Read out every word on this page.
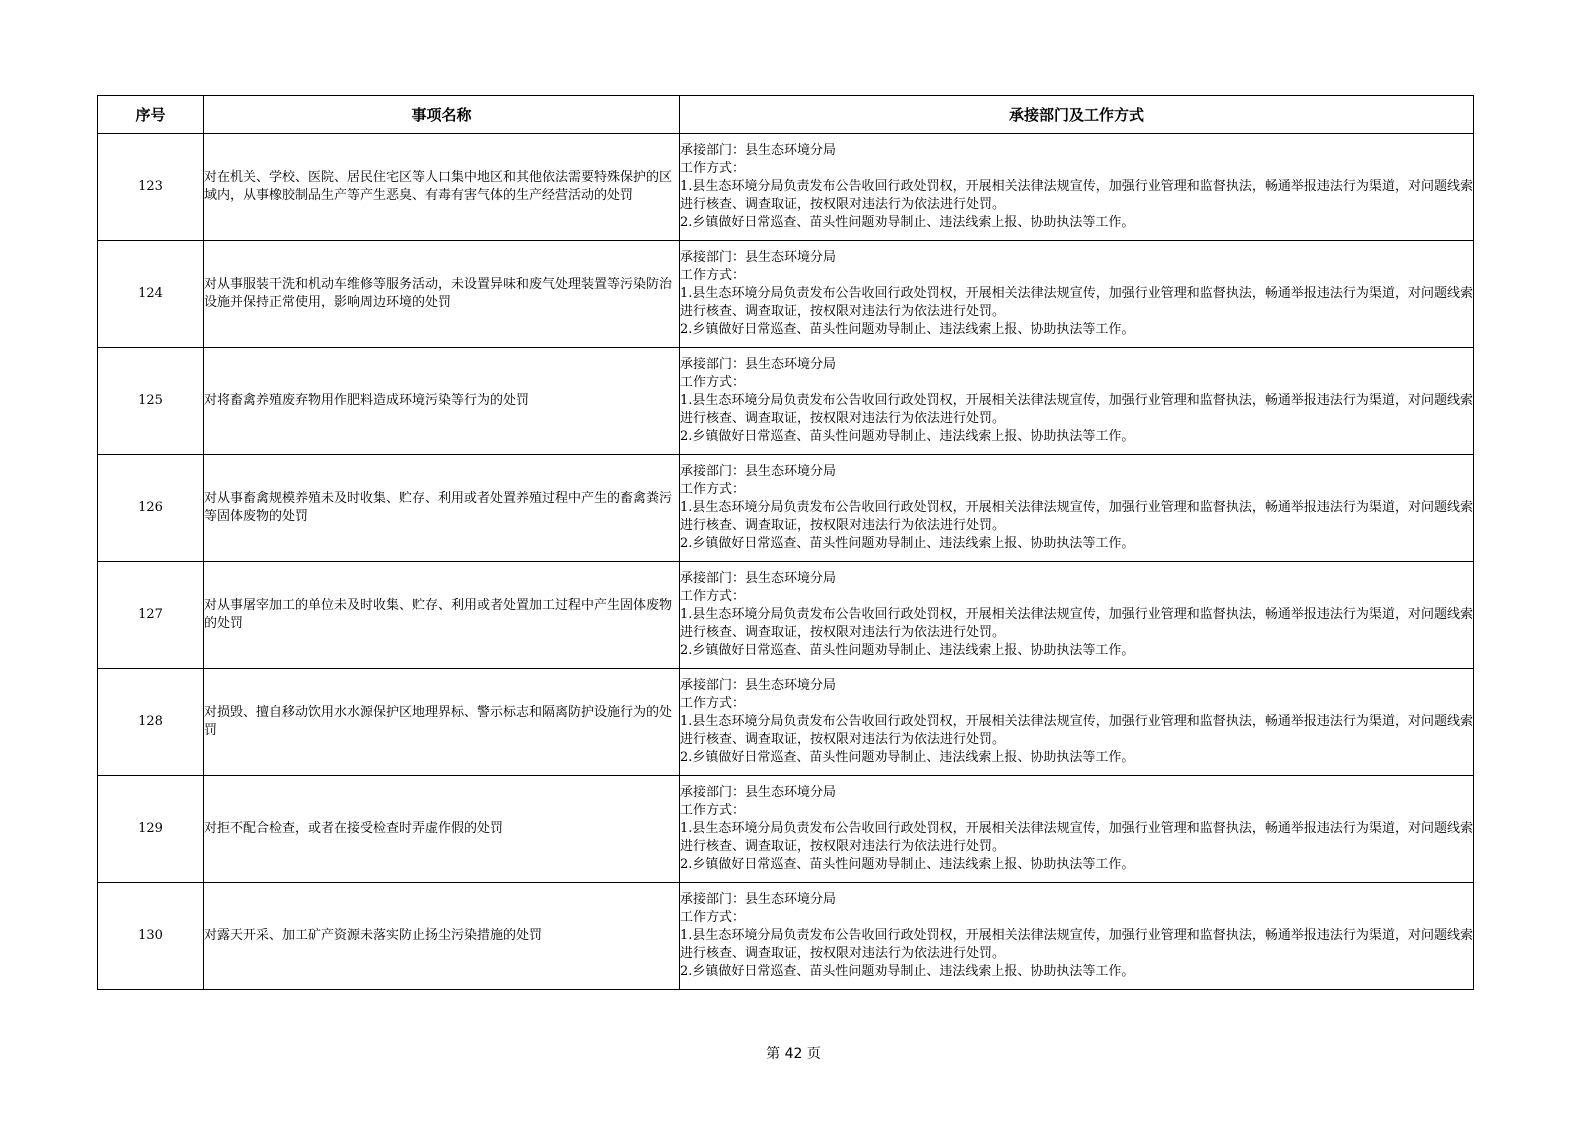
序号	事项名称	承接部门及工作方式
123	对在机关、学校、医院、居民住宅区等人口集中地区和其他依法需要特殊保护的区域内，从事橡胶制品生产等产生恶臭、有毒有害气体的生产经营活动的处罚	承接部门：县生态环境分局
工作方式：
1.县生态环境分局负责发布公告收回行政处罚权，开展相关法律法规宣传，加强行业管理和监督执法，畅通举报违法行为渠道，对问题线索进行核查、调查取证，按权限对违法行为依法进行处罚。
2.乡镇做好日常巡查、苗头性问题劝导制止、违法线索上报、协助执法等工作。

124	对从事服装干洗和机动车维修等服务活动，未设置异味和废气处理装置等污染防治设施并保持正常使用，影响周边环境的处罚	承接部门：县生态环境分局
工作方式：
1.县生态环境分局负责发布公告收回行政处罚权，开展相关法律法规宣传，加强行业管理和监督执法，畅通举报违法行为渠道，对问题线索进行核查、调查取证，按权限对违法行为依法进行处罚。
2.乡镇做好日常巡查、苗头性问题劝导制止、违法线索上报、协助执法等工作。

125	对将畜禽养殖废弃物用作肥料造成环境污染等行为的处罚	承接部门：县生态环境分局
工作方式：
1.县生态环境分局负责发布公告收回行政处罚权，开展相关法律法规宣传，加强行业管理和监督执法，畅通举报违法行为渠道，对问题线索进行核查、调查取证，按权限对违法行为依法进行处罚。
2.乡镇做好日常巡查、苗头性问题劝导制止、违法线索上报、协助执法等工作。

126	对从事畜禽规模养殖未及时收集、贮存、利用或者处置养殖过程中产生的畜禽粪污等固体废物的处罚	承接部门：县生态环境分局
工作方式：
1.县生态环境分局负责发布公告收回行政处罚权，开展相关法律法规宣传，加强行业管理和监督执法，畅通举报违法行为渠道，对问题线索进行核查、调查取证，按权限对违法行为依法进行处罚。
2.乡镇做好日常巡查、苗头性问题劝导制止、违法线索上报、协助执法等工作。

127	对从事屠宰加工的单位未及时收集、贮存、利用或者处置加工过程中产生固体废物的处罚	承接部门：县生态环境分局
工作方式：
1.县生态环境分局负责发布公告收回行政处罚权，开展相关法律法规宣传，加强行业管理和监督执法，畅通举报违法行为渠道，对问题线索进行核查、调查取证，按权限对违法行为依法进行处罚。
2.乡镇做好日常巡查、苗头性问题劝导制止、违法线索上报、协助执法等工作。

128	对损毁、擅自移动饮用水水源保护区地理界标、警示标志和隔离防护设施行为的处罚	承接部门：县生态环境分局
工作方式：
1.县生态环境分局负责发布公告收回行政处罚权，开展相关法律法规宣传，加强行业管理和监督执法，畅通举报违法行为渠道，对问题线索进行核查、调查取证，按权限对违法行为依法进行处罚。
2.乡镇做好日常巡查、苗头性问题劝导制止、违法线索上报、协助执法等工作。

129	对拒不配合检查，或者在接受检查时弄虚作假的处罚	承接部门：县生态环境分局
工作方式：
1.县生态环境分局负责发布公告收回行政处罚权，开展相关法律法规宣传，加强行业管理和监督执法，畅通举报违法行为渠道，对问题线索进行核查、调查取证，按权限对违法行为依法进行处罚。
2.乡镇做好日常巡查、苗头性问题劝导制止、违法线索上报、协助执法等工作。

130	对露天开采、加工矿产资源未落实防止扬尘污染措施的处罚	承接部门：县生态环境分局
工作方式：
1.县生态环境分局负责发布公告收回行政处罚权，开展相关法律法规宣传，加强行业管理和监督执法，畅通举报违法行为渠道，对问题线索进行核查、调查取证，按权限对违法行为依法进行处罚。
2.乡镇做好日常巡查、苗头性问题劝导制止、违法线索上报、协助执法等工作。
第 42 页
